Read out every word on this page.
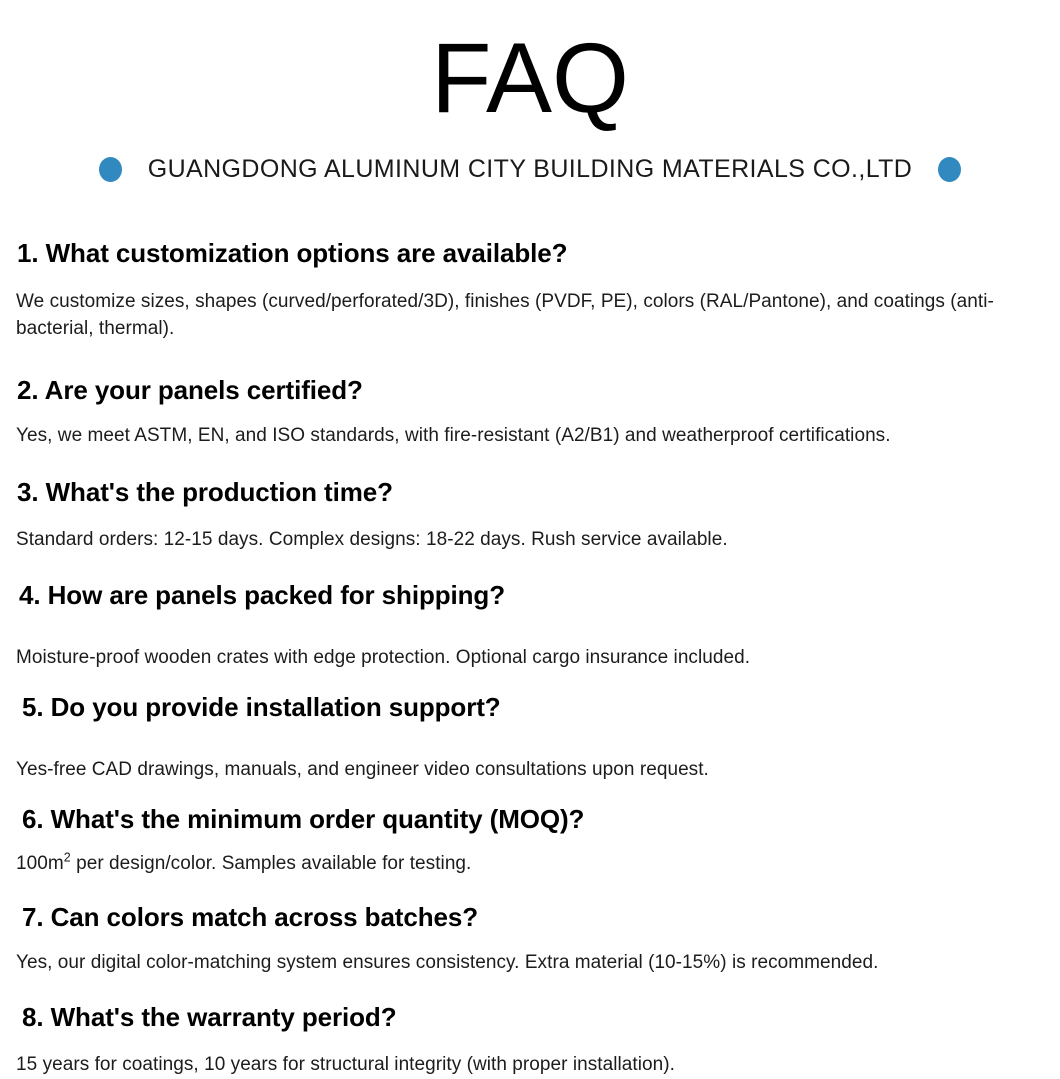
FAQ
GUANGDONG ALUMINUM CITY BUILDING MATERIALS CO.,LTD
1. What customization options are available?

We customize sizes, shapes (curved/perforated/3D), finishes (PVDF, PE), colors (RAL/Pantone), and coatings (anti-bacterial, thermal).

2. Are your panels certified?

Yes, we meet ASTM, EN, and ISO standards, with fire-resistant (A2/B1) and weatherproof certifications.

3. What's the production time?

Standard orders: 12-15 days. Complex designs: 18-22 days. Rush service available.

4. How are panels packed for shipping?

Moisture-proof wooden crates with edge protection. Optional cargo insurance included.

5. Do you provide installation support?

Yes-free CAD drawings, manuals, and engineer video consultations upon request.

6. What's the minimum order quantity (MOQ)?

$100m^2$ per design/color. Samples available for testing.

7. Can colors match across batches?

Yes, our digital color-matching system ensures consistency. Extra material (10-15%) is recommended.

8. What's the warranty period?

15 years for coatings, 10 years for structural integrity (with proper installation).
